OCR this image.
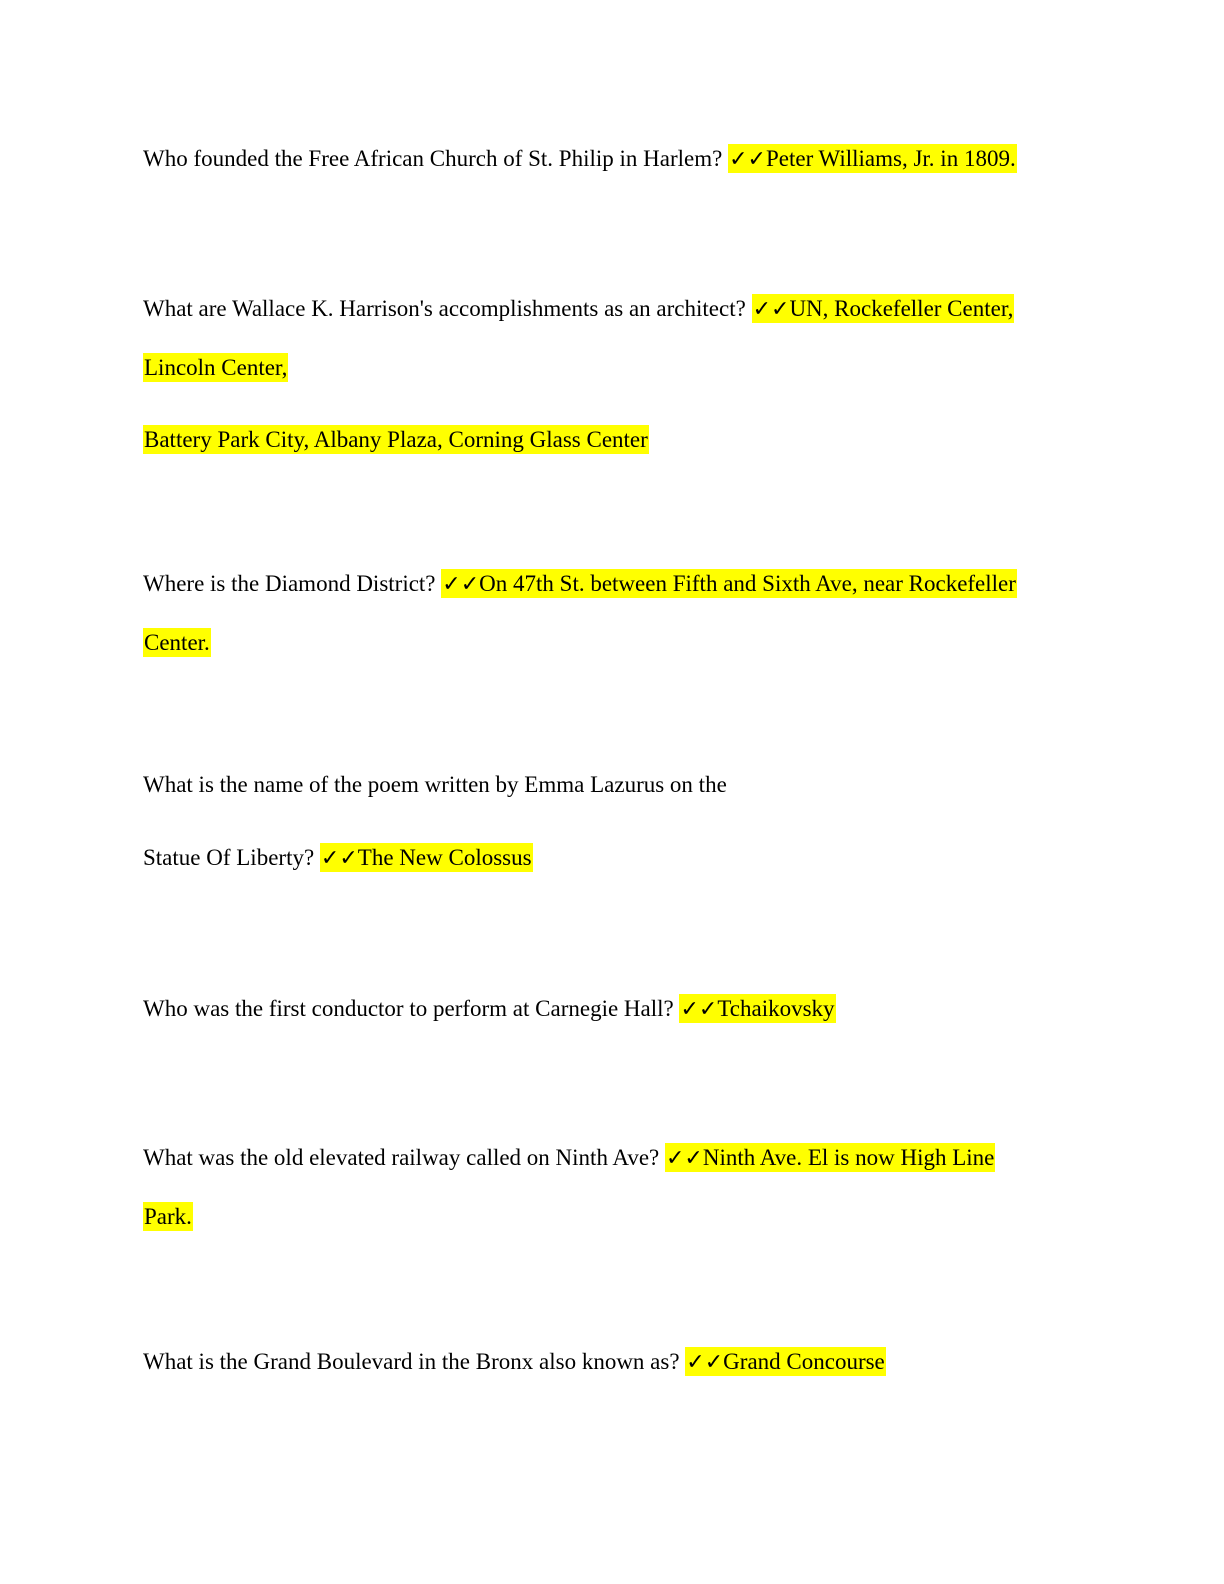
Who founded the Free African Church of St. Philip in Harlem? ✓✓Peter Williams, Jr. in 1809.
What are Wallace K. Harrison's accomplishments as an architect? ✓✓UN, Rockefeller Center,
Lincoln Center,
Battery Park City, Albany Plaza, Corning Glass Center
Where is the Diamond District? ✓✓On 47th St. between Fifth and Sixth Ave, near Rockefeller
Center.
What is the name of the poem written by Emma Lazurus on the
Statue Of Liberty? ✓✓The New Colossus
Who was the first conductor to perform at Carnegie Hall? ✓✓Tchaikovsky
What was the old elevated railway called on Ninth Ave? ✓✓Ninth Ave. El is now High Line
Park.
What is the Grand Boulevard in the Bronx also known as? ✓✓Grand Concourse
